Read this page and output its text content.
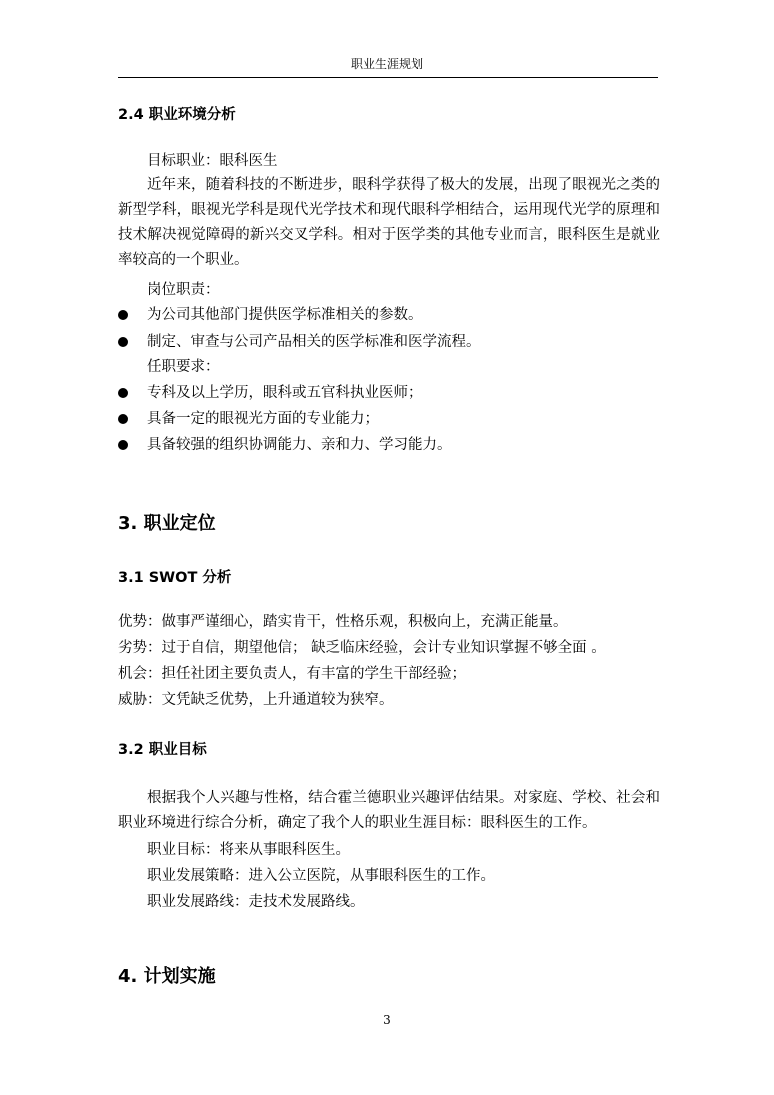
职业生涯规划
2.4 职业环境分析
目标职业：眼科医生

近年来，随着科技的不断进步，眼科学获得了极大的发展，出现了眼视光之类的新型学科，眼视光学科是现代光学技术和现代眼科学相结合，运用现代光学的原理和技术解决视觉障碍的新兴交叉学科。相对于医学类的其他专业而言，眼科医生是就业率较高的一个职业。

岗位职责：
为公司其他部门提供医学标准相关的参数。
制定、审查与公司产品相关的医学标准和医学流程。
任职要求：
专科及以上学历，眼科或五官科执业医师；
具备一定的眼视光方面的专业能力；
具备较强的组织协调能力、亲和力、学习能力。
3. 职业定位
3.1 SWOT 分析
优势：做事严谨细心，踏实肯干，性格乐观，积极向上，充满正能量。
劣势：过于自信，期望他信； 缺乏临床经验，会计专业知识掌握不够全面 。
机会：担任社团主要负责人，有丰富的学生干部经验；
威胁：文凭缺乏优势，上升通道较为狭窄。
3.2 职业目标

根据我个人兴趣与性格，结合霍兰德职业兴趣评估结果。对家庭、学校、社会和职业环境进行综合分析，确定了我个人的职业生涯目标：眼科医生的工作。

职业目标：将来从事眼科医生。
职业发展策略：进入公立医院，从事眼科医生的工作。
职业发展路线：走技术发展路线。
4. 计划实施
3
